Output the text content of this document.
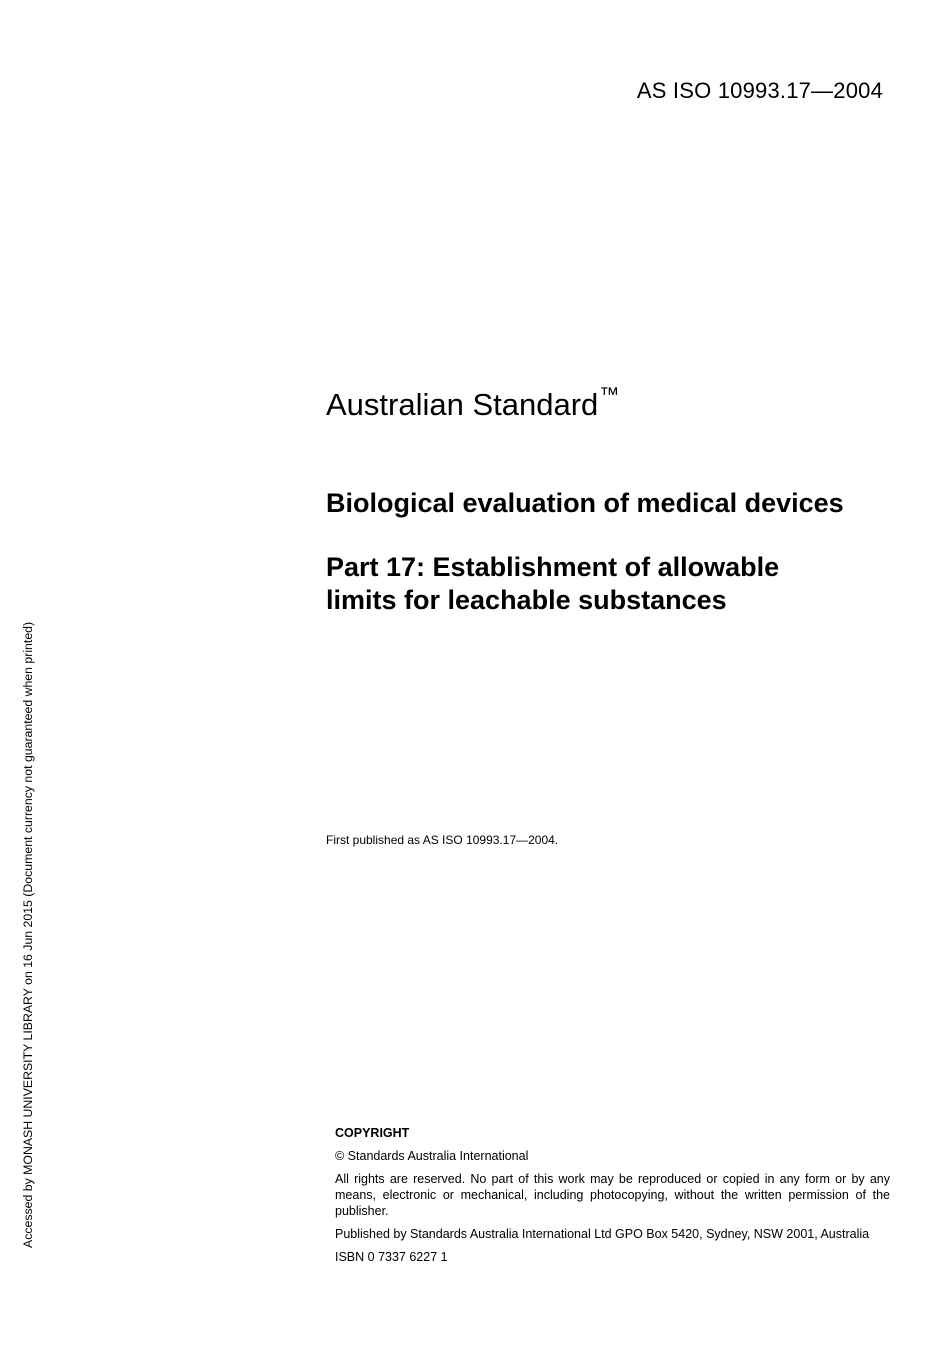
AS ISO 10993.17—2004
Australian Standard™
Biological evaluation of medical devices
Part 17: Establishment of allowable
limits for leachable substances
First published as AS ISO 10993.17—2004.
Accessed by MONASH UNIVERSITY LIBRARY on 16 Jun 2015 (Document currency not guaranteed when printed)	COPYRIGHT

© Standards Australia International

All rights are reserved. No part of this work may be reproduced or copied in any form or by any means, electronic or mechanical, including photocopying, without the written permission of the publisher.

Published by Standards Australia International Ltd GPO Box 5420, Sydney, NSW 2001, Australia

ISBN 0 7337 6227 1
